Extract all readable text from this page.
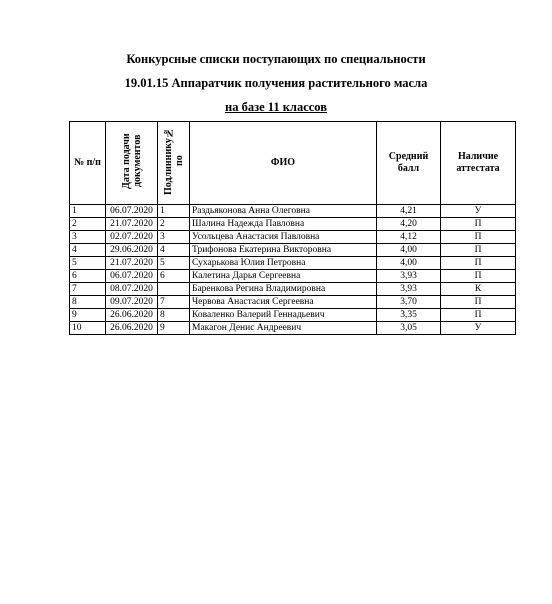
Конкурсные списки поступающих по специальности
19.01.15 Аппаратчик получения растительного масла
на базе 11 классов
№ п/п	Дата подачи документов	Подлиннику№ по	ФИО	Средний балл	Наличие аттестата
1	06.07.2020	1	Раздьяконова Анна Олеговна	4,21	У
2	21.07.2020	2	Шалина Надежда Павловна	4,20	П
3	02.07.2020	3	Усольцева Анастасия Павловна	4,12	П
4	29.06.2020	4	Трифонова Екатерина Викторовна	4,00	П
5	21.07.2020	5	Сухарькова Юлия Петровна	4,00	П
6	06.07.2020	6	Калетина Дарья Сергеевна	3,93	П
7	08.07.2020		Баренкова Регина Владимировна	3,93	К
8	09.07.2020	7	Червова Анастасия Сергеевна	3,70	П
9	26.06.2020	8	Коваленко Валерий Геннадьевич	3,35	П
10	26.06.2020	9	Макагон Денис Андреевич	3,05	У
